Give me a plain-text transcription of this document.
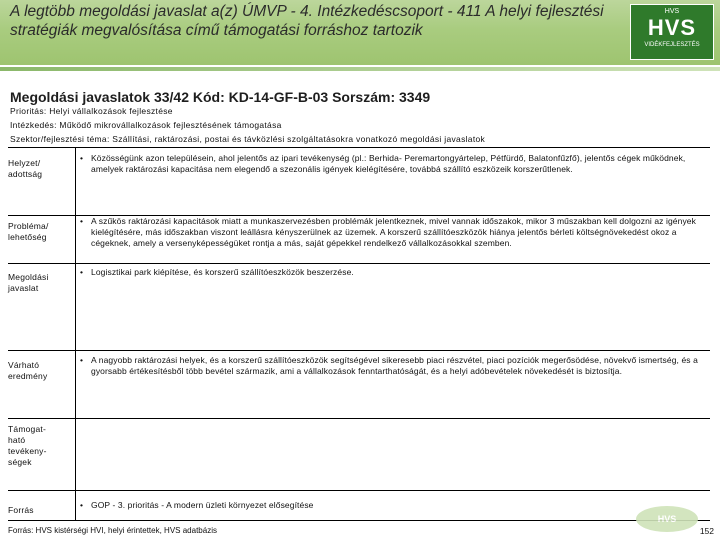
A legtöbb megoldási javaslat a(z) ÚMVP - 4. Intézkedéscsoport - 411 A helyi fejlesztési stratégiák megvalósítása című támogatási forráshoz tartozik
HVS
HVS
VIDÉKFEJLESZTÉS
Megoldási javaslatok 33/42 Kód: KD-14-GF-B-03 Sorszám: 3349
Prioritás: Helyi vállalkozások fejlesztése
Intézkedés: Működő mikrovállalkozások fejlesztésének támogatása
Szektor/fejlesztési téma: Szállítási, raktározási, postai és távközlési szolgáltatásokra vonatkozó megoldási javaslatok
Helyzet/ adottság
• Közösségünk azon településein, ahol jelentős az ipari tevékenység (pl.: Berhida- Peremartongyártelep, Pétfürdő, Balatonfűzfő), jelentős cégek működnek, amelyek raktározási kapacitása nem elegendő a szezonális igények kielégítésére, továbbá szállító eszközeik korszerűtlenek.
Probléma/ lehetőség
• A szűkös raktározási kapacitások miatt a munkaszervezésben problémák jelentkeznek, mivel vannak időszakok, mikor 3 műszakban kell dolgozni az igények kielégítésére, más időszakban viszont leállásra kényszerülnek az üzemek. A korszerű szállítóeszközök hiánya jelentős bérleti költségnövekedést okoz a cégeknek, amely a versenyképességüket rontja a más, saját gépekkel rendelkező vállalkozásokkal szemben.
Megoldási javaslat
• Logisztikai park kiépítése, és korszerű szállítóeszközök beszerzése.
Várható eredmény
• A nagyobb raktározási helyek, és a korszerű szállítóeszközök segítségével sikeresebb piaci részvétel, piaci pozíciók megerősödése, növekvő ismertség, és a gyorsabb értékesítésből több bevétel származik, ami a vállalkozások fenntarthatóságát, és a helyi adóbevételek növekedését is biztosítja.
Támogat- ható tevékeny- ségek
Forrás	• GOP - 3. prioritás - A modern üzleti környezet elősegítése
HVS
Forrás: HVS kistérségi HVI, helyi érintettek, HVS adatbázis	152
